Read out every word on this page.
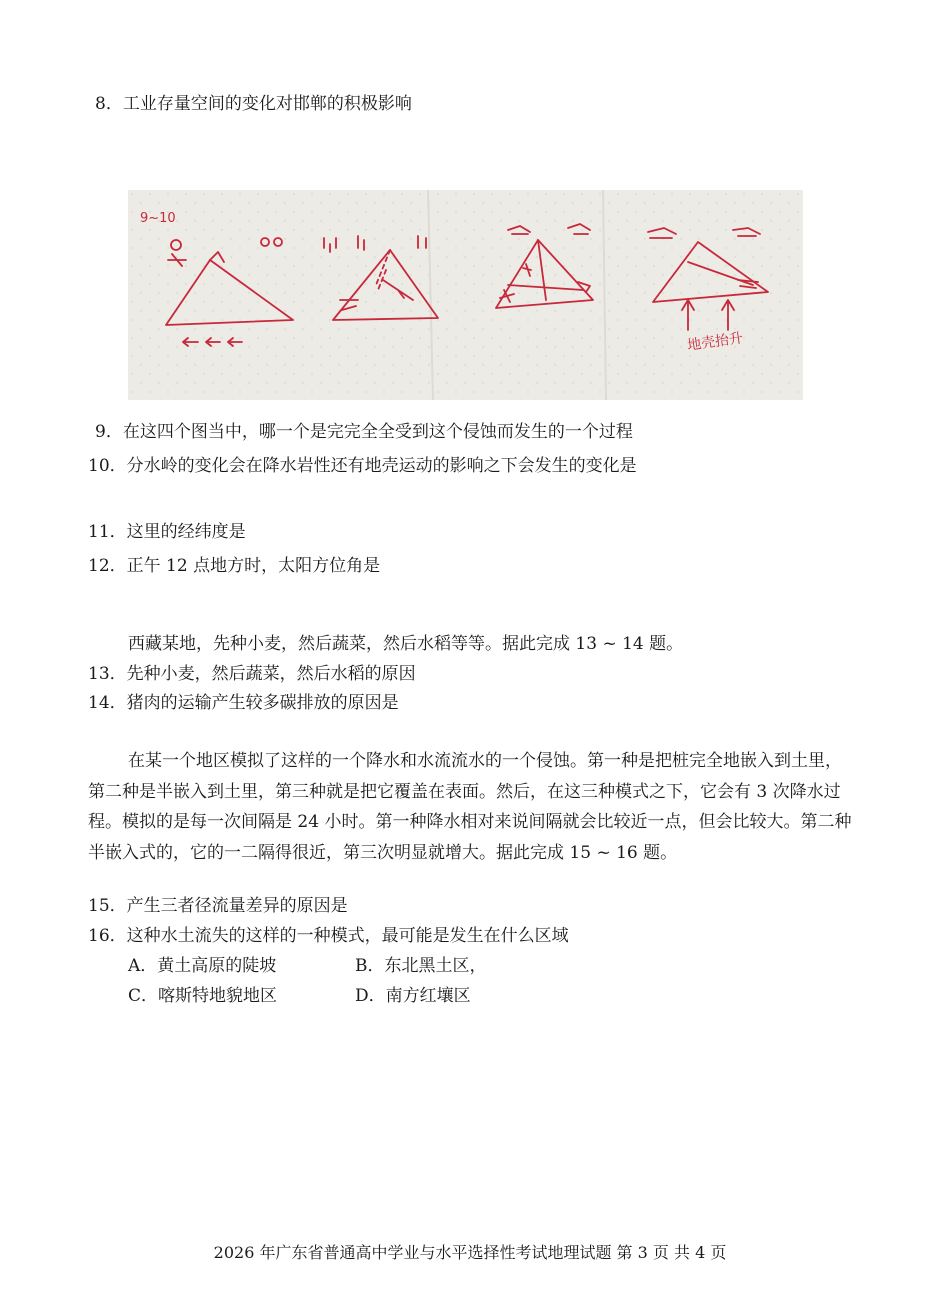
8．工业存量空间的变化对邯郸的积极影响
9~10
地壳抬升
9．在这四个图当中，哪一个是完完全全受到这个侵蚀而发生的一个过程
10．分水岭的变化会在降水岩性还有地壳运动的影响之下会发生的变化是
11．这里的经纬度是
12．正午 12 点地方时，太阳方位角是
西藏某地，先种小麦，然后蔬菜，然后水稻等等。据此完成 13 ~ 14 题。
13．先种小麦，然后蔬菜，然后水稻的原因
14．猪肉的运输产生较多碳排放的原因是
在某一个地区模拟了这样的一个降水和水流流水的一个侵蚀。第一种是把桩完全地嵌入到土里，第二种是半嵌入到土里，第三种就是把它覆盖在表面。然后，在这三种模式之下，它会有 3 次降水过程。模拟的是每一次间隔是 24 小时。第一种降水相对来说间隔就会比较近一点，但会比较大。第二种半嵌入式的，它的一二隔得很近，第三次明显就增大。据此完成 15 ~ 16 题。
15．产生三者径流量差异的原因是
16．这种水土流失的这样的一种模式，最可能是发生在什么区域
A．黄土高原的陡坡	B．东北黑土区，
C．喀斯特地貌地区	D．南方红壤区
2026 年广东省普通高中学业与水平选择性考试地理试题 第 3 页 共 4 页
